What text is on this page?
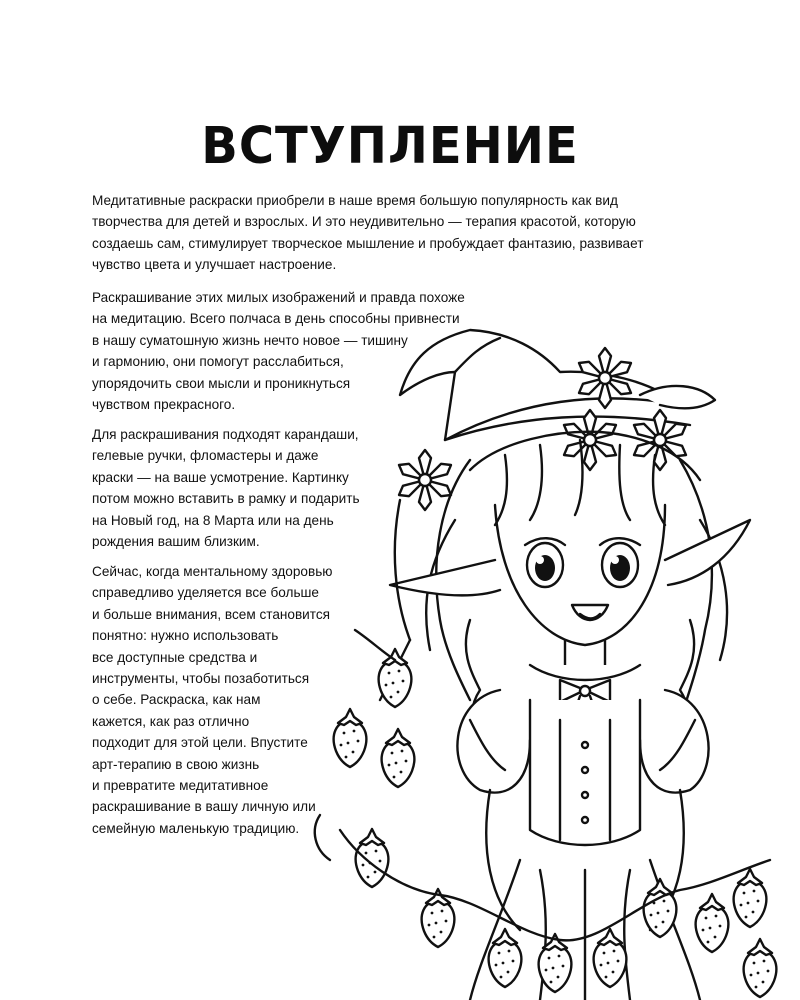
ВСТУПЛЕНИЕ

Медитативные раскраски приобрели в наше время большую популярность как вид
творчества для детей и взрослых. И это неудивительно — терапия красотой, которую
создаешь сам, стимулирует творческое мышление и пробуждает фантазию, развивает
чувство цвета и улучшает настроение.

Раскрашивание этих милых изображений и правда похоже
на медитацию. Всего полчаса в день способны привнести
в нашу суматошную жизнь нечто новое — тишину
и гармонию, они помогут расслабиться,
упорядочить свои мысли и проникнуться
чувством прекрасного.

Для раскрашивания подходят карандаши,
гелевые ручки, фломастеры и даже
краски — на ваше усмотрение. Картинку
потом можно вставить в рамку и подарить
на Новый год, на 8 Марта или на день
рождения вашим близким.

Сейчас, когда ментальному здоровью
справедливо уделяется все больше
и больше внимания, всем становится
понятно: нужно использовать
все доступные средства и
инструменты, чтобы позаботиться
о себе. Раскраска, как нам
кажется, как раз отлично
подходит для этой цели. Впустите
арт-терапию в свою жизнь
и превратите медитативное
раскрашивание в вашу личную или
семейную маленькую традицию.
